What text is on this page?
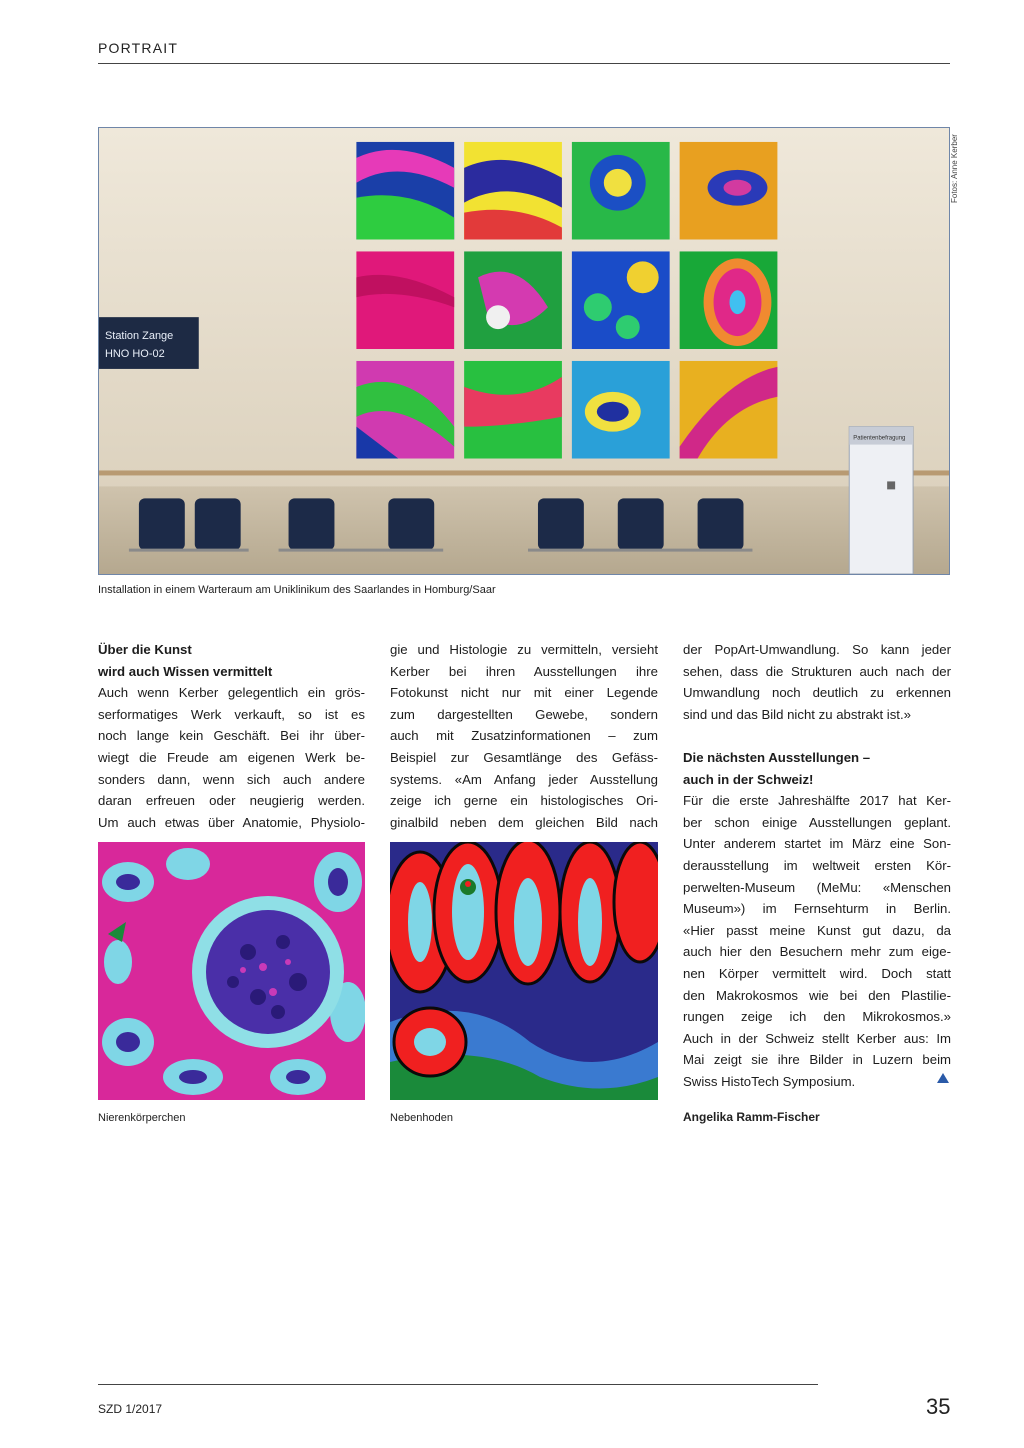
PORTRAIT
Station Zange
HNO HO-02
Patientenbefragung
Fotos: Anne Kerber
Installation in einem Warteraum am Uniklinikum des Saarlandes in Homburg/Saar
Über die Kunst
wird auch Wissen vermittelt

Auch wenn Kerber gelegentlich ein grös-

serformatiges Werk verkauft, so ist es

noch lange kein Geschäft. Bei ihr über-

wiegt die Freude am eigenen Werk be-

sonders dann, wenn sich auch andere

daran erfreuen oder neugierig werden.

Um auch etwas über Anatomie, Physiolo-

gie und Histologie zu vermitteln, versieht

Kerber bei ihren Ausstellungen ihre

Fotokunst nicht nur mit einer Legende

zum dargestellten Gewebe, sondern

auch mit Zusatzinformationen – zum

Beispiel zur Gesamtlänge des Gefäss-

systems. «Am Anfang jeder Ausstellung

zeige ich gerne ein histologisches Ori-

ginalbild neben dem gleichen Bild nach

der PopArt-Umwandlung. So kann jeder

sehen, dass die Strukturen auch nach der

Umwandlung noch deutlich zu erkennen

sind und das Bild nicht zu abstrakt ist.»

Die nächsten Ausstellungen –
auch in der Schweiz!

Für die erste Jahreshälfte 2017 hat Ker-

ber schon einige Ausstellungen geplant.

Unter anderem startet im März eine Son-

derausstellung im weltweit ersten Kör-

perwelten-Museum (MeMu: «Menschen

Museum») im Fernsehturm in Berlin.

«Hier passt meine Kunst gut dazu, da

auch hier den Besuchern mehr zum eige-

nen Körper vermittelt wird. Doch statt

den Makrokosmos wie bei den Plastilie-

rungen zeige ich den Mikrokosmos.»

Auch in der Schweiz stellt Kerber aus: Im

Mai zeigt sie ihre Bilder in Luzern beim

Swiss HistoTech Symposium.

Nierenkörperchen	Nebenhoden	Angelika Ramm-Fischer
SZD 1/2017	35
